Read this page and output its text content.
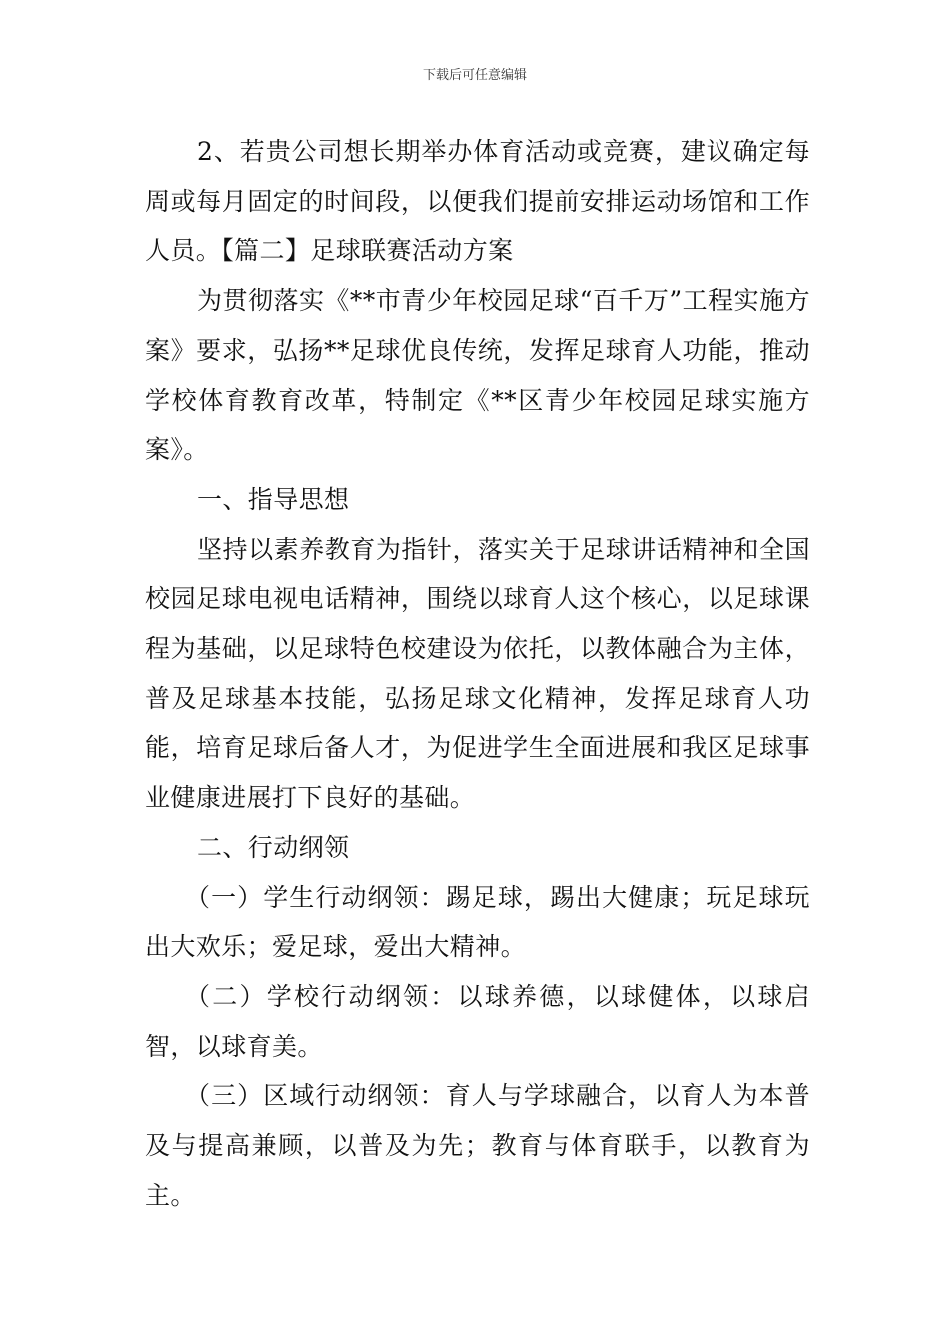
下载后可任意编辑

2、若贵公司想长期举办体育活动或竞赛，建议确定每周或每月固定的时间段，以便我们提前安排运动场馆和工作人员。【篇二】足球联赛活动方案

为贯彻落实《**市青少年校园足球“百千万”工程实施方案》要求，弘扬**足球优良传统，发挥足球育人功能，推动学校体育教育改革，特制定《**区青少年校园足球实施方案》。

一、指导思想

坚持以素养教育为指针，落实关于足球讲话精神和全国校园足球电视电话精神，围绕以球育人这个核心，以足球课程为基础，以足球特色校建设为依托，以教体融合为主体，普及足球基本技能，弘扬足球文化精神，发挥足球育人功能，培育足球后备人才，为促进学生全面进展和我区足球事业健康进展打下良好的基础。

二、行动纲领

（一）学生行动纲领：踢足球，踢出大健康；玩足球玩出大欢乐；爱足球，爱出大精神。

（二）学校行动纲领：以球养德，以球健体，以球启智，以球育美。

（三）区域行动纲领：育人与学球融合，以育人为本普及与提高兼顾，以普及为先；教育与体育联手，以教育为主。
